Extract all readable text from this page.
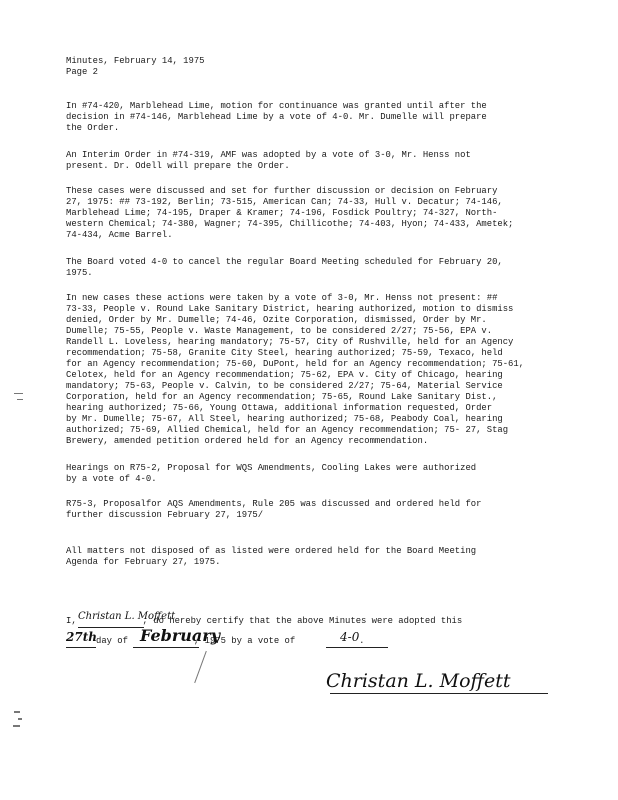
Minutes, February 14, 1975
Page 2
In #74-420, Marblehead Lime, motion for continuance was granted until after the
decision in #74-146, Marblehead Lime by a vote of 4-0. Mr. Dumelle will prepare
the Order.
An Interim Order in #74-319, AMF was adopted by a vote of 3-0, Mr. Henss not
present. Dr. Odell will prepare the Order.
These cases were discussed and set for further discussion or decision on February
27, 1975: ## 73-192, Berlin; 73-515, American Can; 74-33, Hull v. Decatur; 74-146,
Marblehead Lime; 74-195, Draper & Kramer; 74-196, Fosdick Poultry; 74-327, North-
western Chemical; 74-380, Wagner; 74-395, Chillicothe; 74-403, Hyon; 74-433, Ametek;
74-434, Acme Barrel.
The Board voted 4-0 to cancel the regular Board Meeting scheduled for February 20,
1975.
In new cases these actions were taken by a vote of 3-0, Mr. Henss not present: ##
73-33, People v. Round Lake Sanitary District, hearing authorized, motion to dismiss
denied, Order by Mr. Dumelle; 74-46, Ozite Corporation, dismissed, Order by Mr.
Dumelle; 75-55, People v. Waste Management, to be considered 2/27; 75-56, EPA v.
Randell L. Loveless, hearing mandatory; 75-57, City of Rushville, held for an Agency
recommendation; 75-58, Granite City Steel, hearing authorized; 75-59, Texaco, held
for an Agency recommendation; 75-60, DuPont, held for an Agency recommendation; 75-61,
Celotex, held for an Agency recommendation; 75-62, EPA v. City of Chicago, hearing
mandatory; 75-63, People v. Calvin, to be considered 2/27; 75-64, Material Service
Corporation, held for an Agency recommendation; 75-65, Round Lake Sanitary Dist.,
hearing authorized; 75-66, Young Ottawa, additional information requested, Order
by Mr. Dumelle; 75-67, All Steel, hearing authorized; 75-68, Peabody Coal, hearing
authorized; 75-69, Allied Chemical, held for an Agency recommendation; 75- 27, Stag
Brewery, amended petition ordered held for an Agency recommendation.
Hearings on R75-2, Proposal for WQS Amendments, Cooling Lakes were authorized
by a vote of 4-0.
R75-3, Proposalfor AQS Amendments, Rule 205 was discussed and ordered held for
further discussion February 27, 1975/
All matters not disposed of as listed were ordered held for the Board Meeting
Agenda for February 27, 1975.
I,	, do hereby certify that the above Minutes were adopted this
Christan L. Moffett
day of	, 1975 by a vote of	.
27th	February	4-0
Christan L. Moffett
